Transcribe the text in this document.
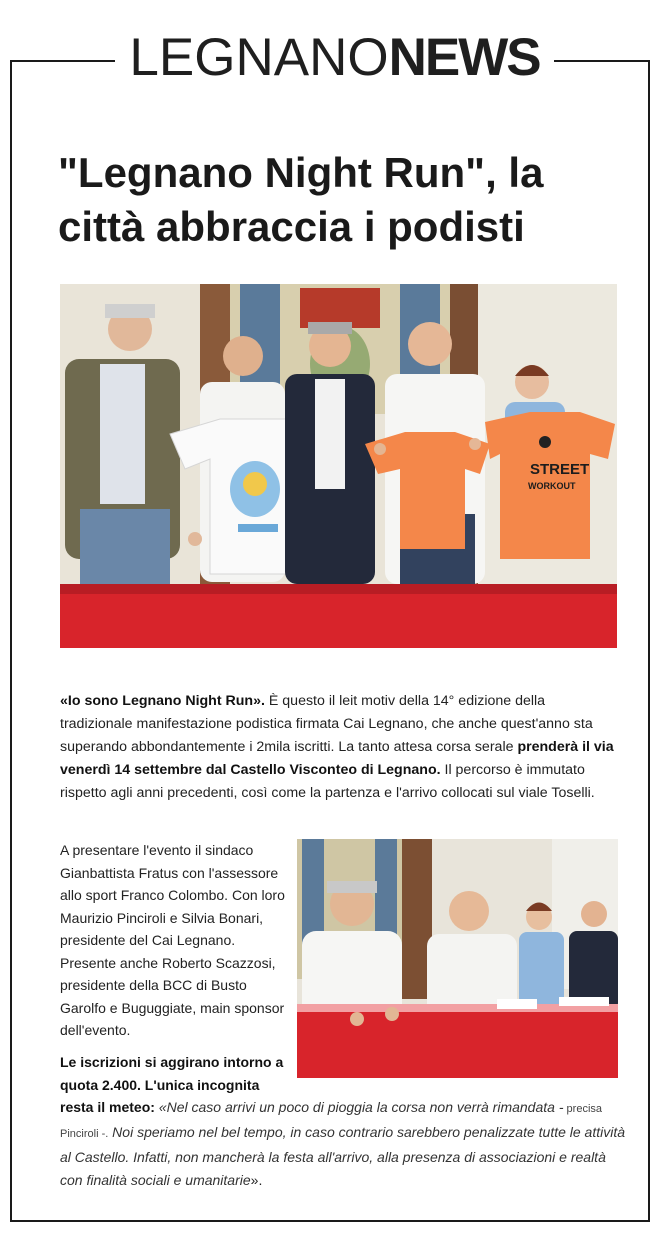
LEGNANONEWS
"Legnano Night Run", la città abbraccia i podisti
STREET
WORKOUT

«Io sono Legnano Night Run». È questo il leit motiv della 14° edizione della tradizionale manifestazione podistica firmata Cai Legnano, che anche quest'anno sta superando abbondantemente i 2mila iscritti. La tanto attesa corsa serale prenderà il via venerdì 14 settembre dal Castello Visconteo di Legnano. Il percorso è immutato rispetto agli anni precedenti, così come la partenza e l'arrivo collocati sul viale Toselli.

A presentare l'evento il sindaco Gianbattista Fratus con l'assessore allo sport Franco Colombo. Con loro Maurizio Pinciroli e Silvia Bonari, presidente del Cai Legnano. Presente anche Roberto Scazzosi, presidente della BCC di Busto Garolfo e Buguggiate, main sponsor dell'evento.

Le iscrizioni si aggirano intorno a quota 2.400. L'unica incognita

resta il meteo: «Nel caso arrivi un poco di pioggia la corsa non verrà rimandata - precisa Pinciroli -. Noi speriamo nel bel tempo, in caso contrario sarebbero penalizzate tutte le attività al Castello. Infatti, non mancherà la festa all'arrivo, alla presenza di associazioni e realtà con finalità sociali e umanitarie».
